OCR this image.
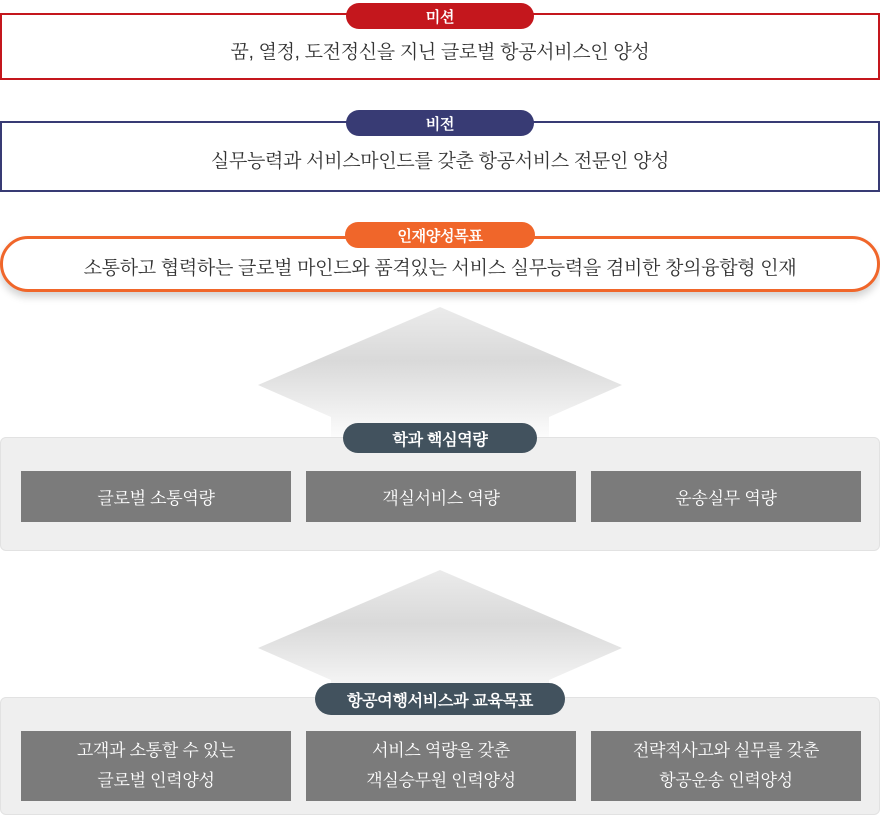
꿈, 열정, 도전정신을 지닌 글로벌 항공서비스인 양성

미션

실무능력과 서비스마인드를 갖춘 항공서비스 전문인 양성

비전

소통하고 협력하는 글로벌 마인드와 품격있는 서비스 실무능력을 겸비한 창의융합형 인재

인재양성목표
글로벌 소통역량	객실서비스 역량	운송실무 역량
학과 핵심역량
고객과 소통할 수 있는
글로벌 인력양성
서비스 역량을 갖춘
객실승무원 인력양성
전략적사고와 실무를 갖춘
항공운송 인력양성
항공여행서비스과 교육목표
